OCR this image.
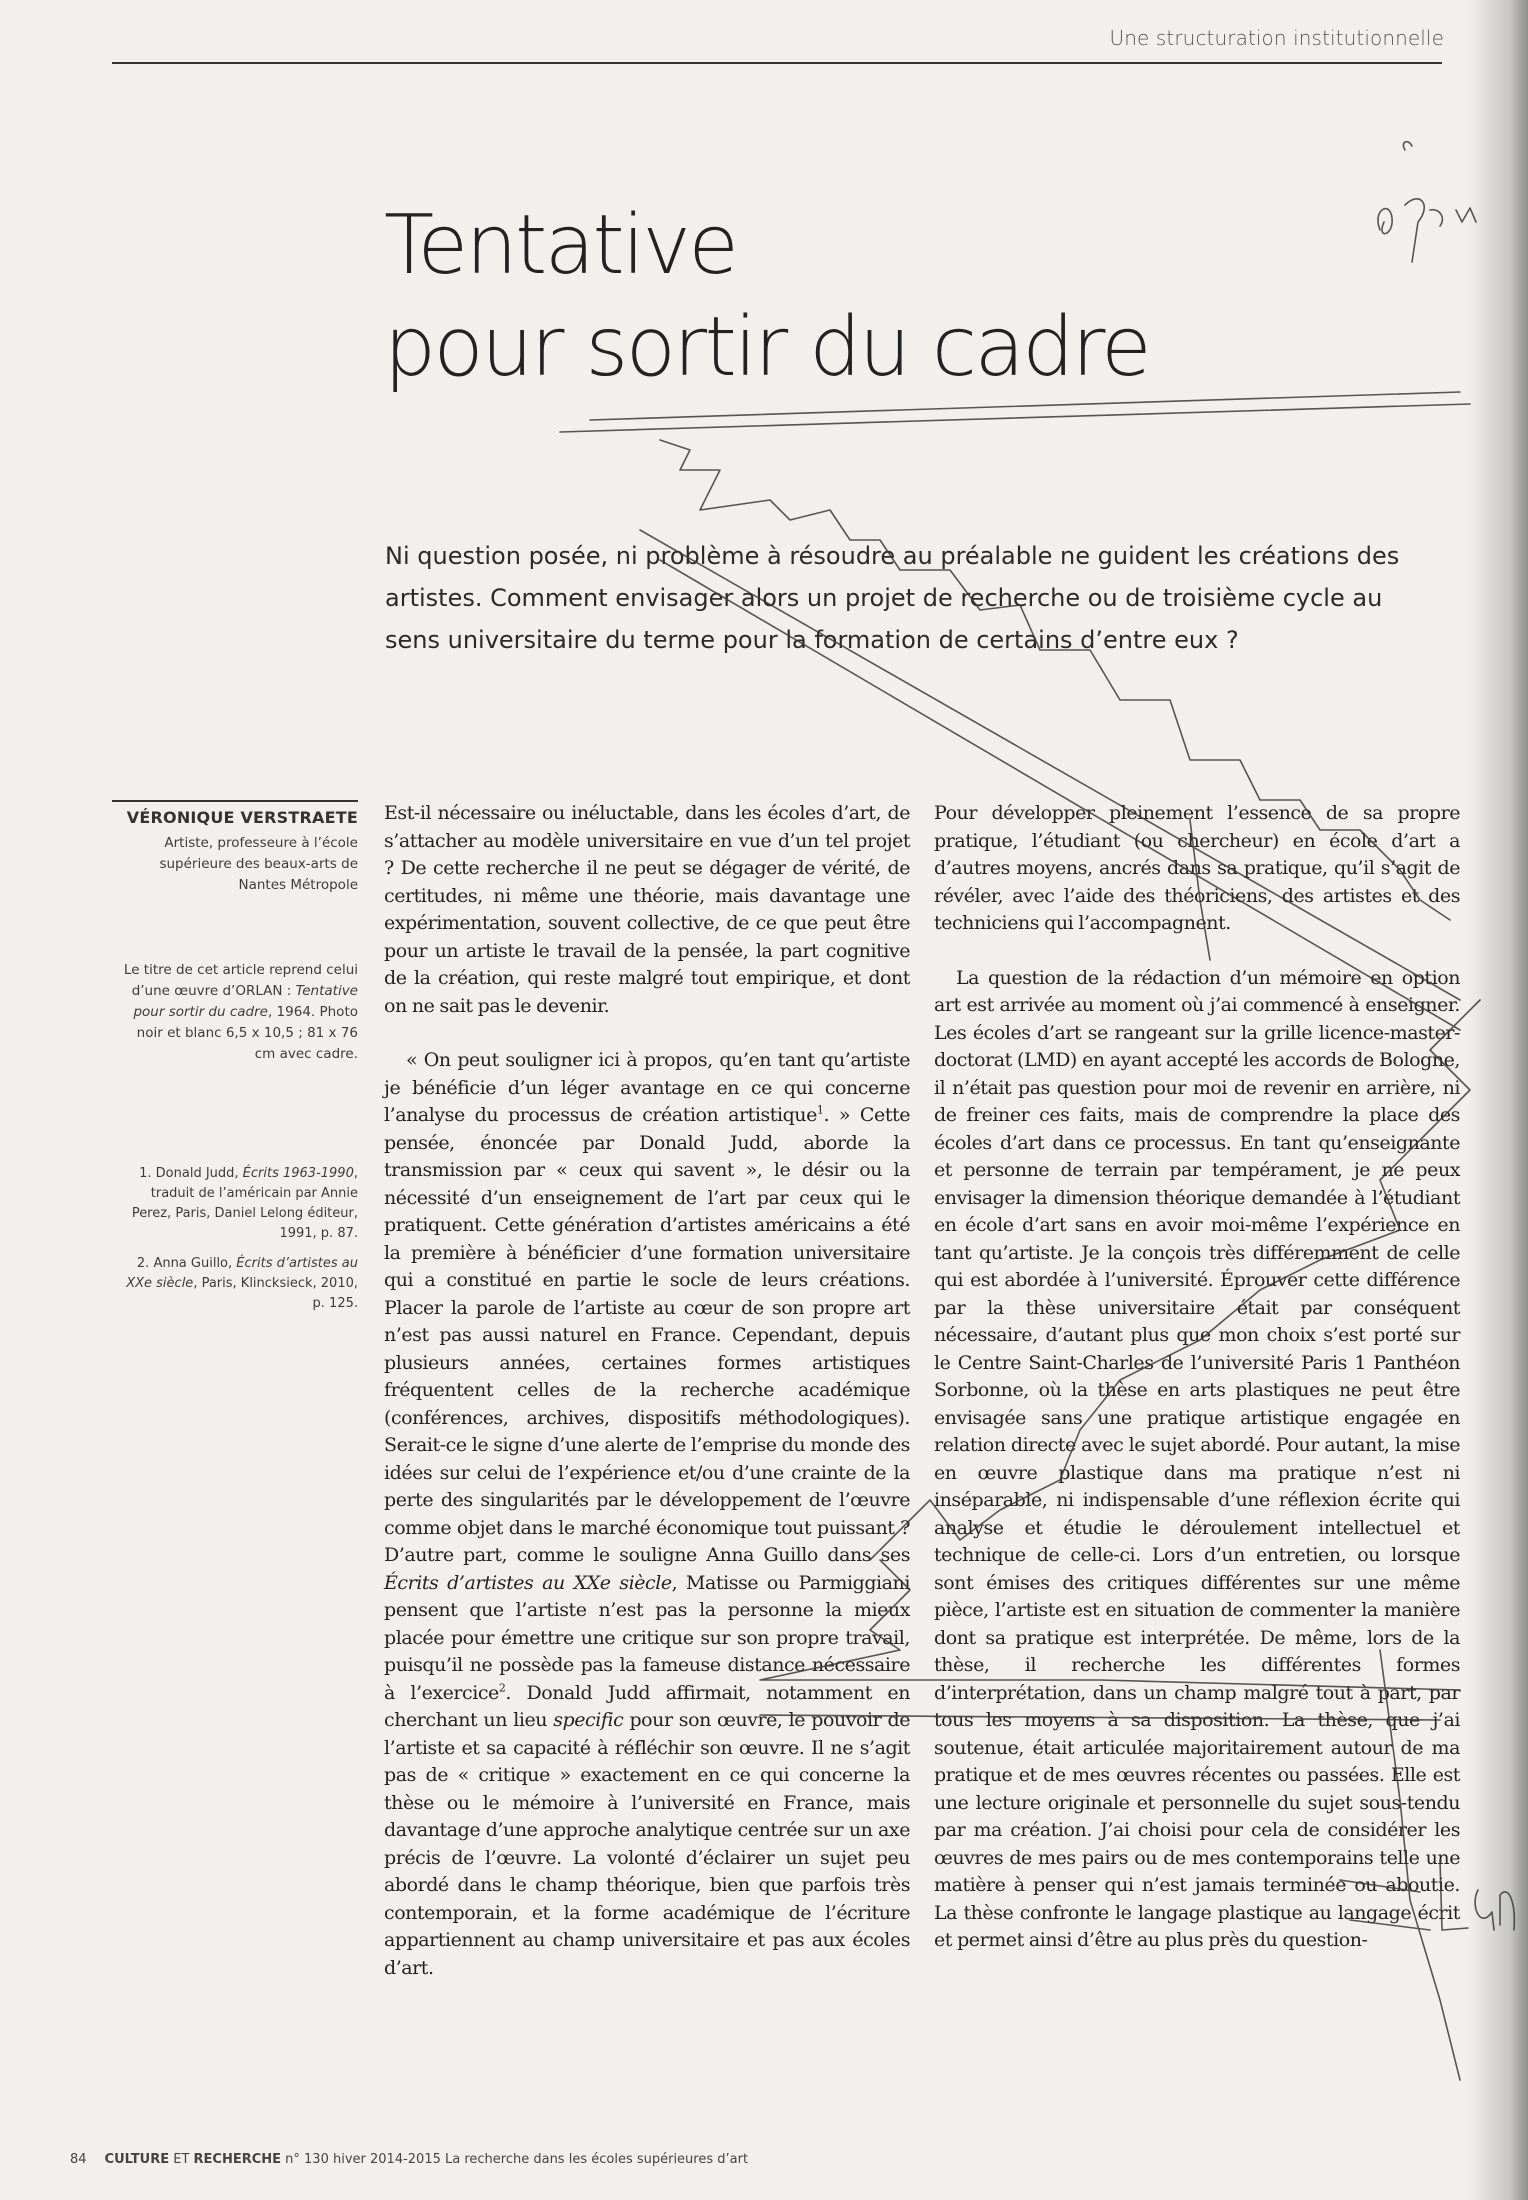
Une structuration institutionnelle
Tentative
pour sortir du cadre

Ni question posée, ni problème à résoudre au préalable ne guident les créations des artistes. Comment envisager alors un projet de recherche ou de troisième cycle au sens universitaire du terme pour la formation de certains d’entre eux ?

VÉRONIQUE VERSTRAETE

Artiste, professeure à l’école supérieure des beaux-arts de Nantes Métropole

Le titre de cet article reprend celui d’une œuvre d’ORLAN : Tentative pour sortir du cadre, 1964. Photo noir et blanc 6,5 x 10,5 ; 81 x 76 cm avec cadre.

1. Donald Judd, Écrits 1963-1990, traduit de l’américain par Annie Perez, Paris, Daniel Lelong éditeur, 1991, p. 87.

2. Anna Guillo, Écrits d’artistes au XXe siècle, Paris, Klincksieck, 2010, p. 125.

Est-il nécessaire ou inéluctable, dans les écoles d’art, de s’attacher au modèle universitaire en vue d’un tel projet ? De cette recherche il ne peut se dégager de vérité, de certitudes, ni même une théorie, mais davantage une expérimentation, souvent collective, de ce que peut être pour un artiste le travail de la pensée, la part cognitive de la création, qui reste malgré tout empirique, et dont on ne sait pas le devenir.

« On peut souligner ici à propos, qu’en tant qu’artiste je bénéficie d’un léger avantage en ce qui concerne l’analyse du processus de création artistique$^1$. » Cette pensée, énoncée par Donald Judd, aborde la transmission par « ceux qui savent », le désir ou la nécessité d’un enseignement de l’art par ceux qui le pratiquent. Cette génération d’artistes américains a été la première à bénéficier d’une formation universitaire qui a constitué en partie le socle de leurs créations. Placer la parole de l’artiste au cœur de son propre art n’est pas aussi naturel en France. Cependant, depuis plusieurs années, certaines formes artistiques fréquentent celles de la recherche académique (conférences, archives, dispositifs méthodologiques). Serait-ce le signe d’une alerte de l’emprise du monde des idées sur celui de l’expérience et/ou d’une crainte de la perte des singularités par le développement de l’œuvre comme objet dans le marché économique tout puissant ? D’autre part, comme le souligne Anna Guillo dans ses Écrits d’artistes au XXe siècle, Matisse ou Parmiggiani pensent que l’artiste n’est pas la personne la mieux placée pour émettre une critique sur son propre travail, puisqu’il ne possède pas la fameuse distance nécessaire à l’exercice$^2$. Donald Judd affirmait, notamment en cherchant un lieu specific pour son œuvre, le pouvoir de l’artiste et sa capacité à réfléchir son œuvre. Il ne s’agit pas de « critique » exactement en ce qui concerne la thèse ou le mémoire à l’université en France, mais davantage d’une approche analytique centrée sur un axe précis de l’œuvre. La volonté d’éclairer un sujet peu abordé dans le champ théorique, bien que parfois très contemporain, et la forme académique de l’écriture appartiennent au champ universitaire et pas aux écoles d’art.

Pour développer pleinement l’essence de sa propre pratique, l’étudiant (ou chercheur) en école d’art a d’autres moyens, ancrés dans sa pratique, qu’il s’agit de révéler, avec l’aide des théoriciens, des artistes et des techniciens qui l’accompagnent.

La question de la rédaction d’un mémoire en option art est arrivée au moment où j’ai commencé à enseigner. Les écoles d’art se rangeant sur la grille licence-master-doctorat (LMD) en ayant accepté les accords de Bologne, il n’était pas question pour moi de revenir en arrière, ni de freiner ces faits, mais de comprendre la place des écoles d’art dans ce processus. En tant qu’enseignante et personne de terrain par tempérament, je ne peux envisager la dimension théorique demandée à l’étudiant en école d’art sans en avoir moi-même l’expérience en tant qu’artiste. Je la conçois très différemment de celle qui est abordée à l’université. Éprouver cette différence par la thèse universitaire était par conséquent nécessaire, d’autant plus que mon choix s’est porté sur le Centre Saint-Charles de l’université Paris 1 Panthéon Sorbonne, où la thèse en arts plastiques ne peut être envisagée sans une pratique artistique engagée en relation directe avec le sujet abordé. Pour autant, la mise en œuvre plastique dans ma pratique n’est ni inséparable, ni indispensable d’une réflexion écrite qui analyse et étudie le déroulement intellectuel et technique de celle-ci. Lors d’un entretien, ou lorsque sont émises des critiques différentes sur une même pièce, l’artiste est en situation de commenter la manière dont sa pratique est interprétée. De même, lors de la thèse, il recherche les différentes formes d’interprétation, dans un champ malgré tout à part, par tous les moyens à sa disposition. La thèse, que j’ai soutenue, était articulée majoritairement autour de ma pratique et de mes œuvres récentes ou passées. Elle est une lecture originale et personnelle du sujet sous-tendu par ma création. J’ai choisi pour cela de considérer les œuvres de mes pairs ou de mes contemporains telle une matière à penser qui n’est jamais terminée ou aboutie. La thèse confronte le langage plastique au langage écrit et permet ainsi d’être au plus près du question-

84 CULTURE ET RECHERCHE n° 130 hiver 2014-2015 La recherche dans les écoles supérieures d’art
